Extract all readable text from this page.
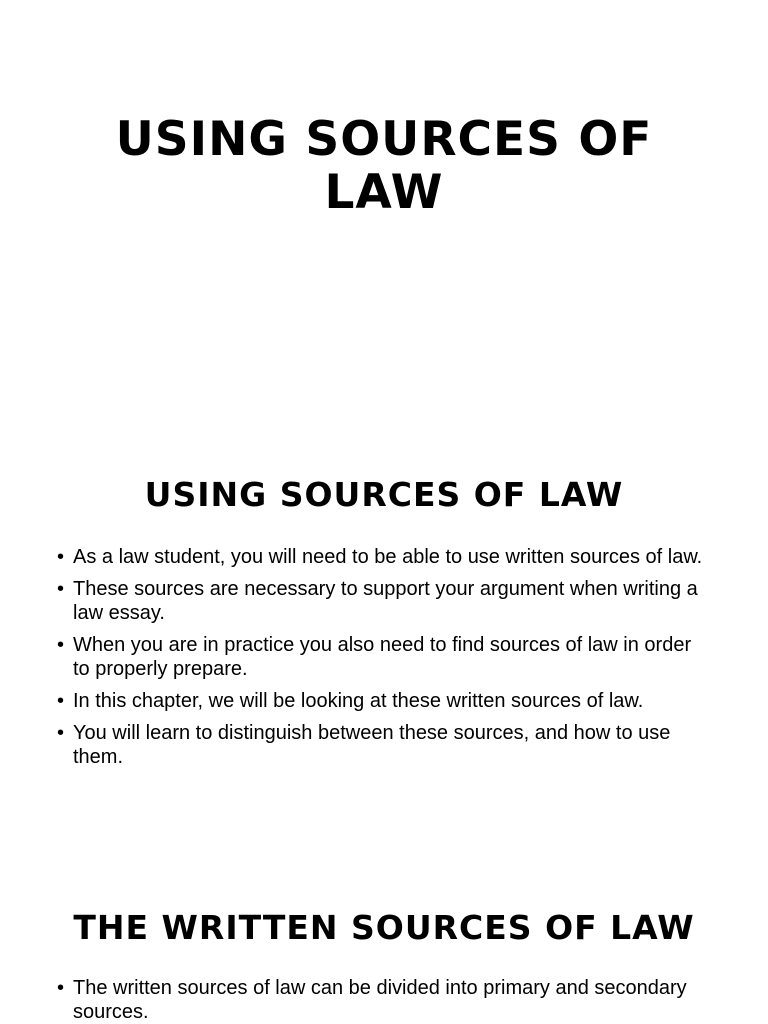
USING SOURCES OF
LAW
USING SOURCES OF LAW
• As a law student, you will need to be able to use written sources of law.
• These sources are necessary to support your argument when writing a law essay.
• When you are in practice you also need to find sources of law in order to properly prepare.
• In this chapter, we will be looking at these written sources of law.
• You will learn to distinguish between these sources, and how to use them.
THE WRITTEN SOURCES OF LAW
• The written sources of law can be divided into primary and secondary sources.
